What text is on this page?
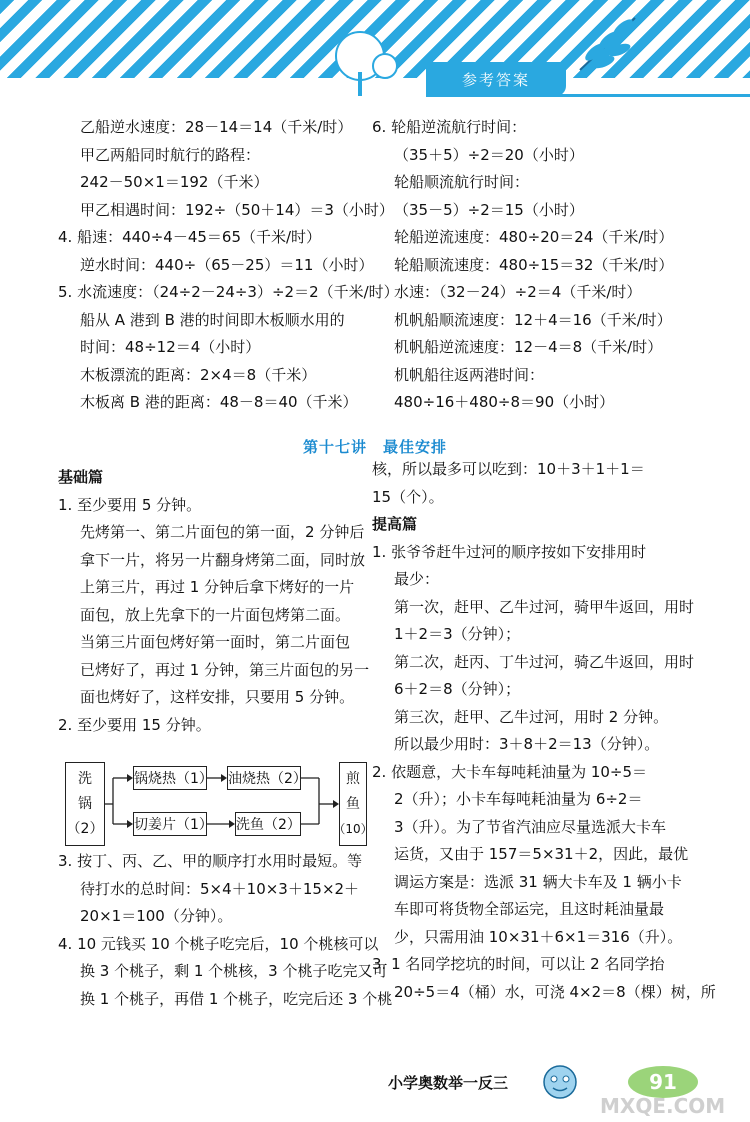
参考答案

乙船逆水速度：28－14＝14（千米/时）

甲乙两船同时航行的路程：

242－50×1＝192（千米）

甲乙相遇时间：192÷（50＋14）＝3（小时）

4. 船速：440÷4－45＝65（千米/时）

逆水时间：440÷（65－25）＝11（小时）

5. 水流速度：（24÷2－24÷3）÷2＝2（千米/时）

船从 A 港到 B 港的时间即木板顺水用的

时间：48÷12＝4（小时）

木板漂流的距离：2×4＝8（千米）

木板离 B 港的距离：48－8＝40（千米）

6. 轮船逆流航行时间：

（35＋5）÷2＝20（小时）

轮船顺流航行时间：

（35－5）÷2＝15（小时）

轮船逆流速度：480÷20＝24（千米/时）

轮船顺流速度：480÷15＝32（千米/时）

水速：（32－24）÷2＝4（千米/时）

机帆船顺流速度：12＋4＝16（千米/时）

机帆船逆流速度：12－4＝8（千米/时）

机帆船往返两港时间：

480÷16＋480÷8＝90（小时）

第十七讲　最佳安排

基础篇

1. 至少要用 5 分钟。

先烤第一、第二片面包的第一面，2 分钟后

拿下一片，将另一片翻身烤第二面，同时放

上第三片，再过 1 分钟后拿下烤好的一片

面包，放上先拿下的一片面包烤第二面。

当第三片面包烤好第一面时，第二片面包

已烤好了，再过 1 分钟，第三片面包的另一

面也烤好了，这样安排，只要用 5 分钟。

2. 至少要用 15 分钟。

洗
锅
（2）
锅烧热（1） 油烧热（2）
切姜片（1） 洗鱼（2）
煎
鱼
（10）

3. 按丁、丙、乙、甲的顺序打水用时最短。等

待打水的总时间：5×4＋10×3＋15×2＋

20×1＝100（分钟）。

4. 10 元钱买 10 个桃子吃完后，10 个桃核可以

换 3 个桃子，剩 1 个桃核，3 个桃子吃完又可

换 1 个桃子，再借 1 个桃子，吃完后还 3 个桃

核，所以最多可以吃到：10＋3＋1＋1＝

15（个）。

提高篇

1. 张爷爷赶牛过河的顺序按如下安排用时

最少：

第一次，赶甲、乙牛过河，骑甲牛返回，用时

1＋2＝3（分钟）；

第二次，赶丙、丁牛过河，骑乙牛返回，用时

6＋2＝8（分钟）；

第三次，赶甲、乙牛过河，用时 2 分钟。

所以最少用时：3＋8＋2＝13（分钟）。

2. 依题意，大卡车每吨耗油量为 10÷5＝

2（升）；小卡车每吨耗油量为 6÷2＝

3（升）。为了节省汽油应尽量选派大卡车

运货，又由于 157＝5×31＋2，因此，最优

调运方案是：选派 31 辆大卡车及 1 辆小卡

车即可将货物全部运完，且这时耗油量最

少，只需用油 10×31＋6×1＝316（升）。

3. 1 名同学挖坑的时间，可以让 2 名同学抬

20÷5＝4（桶）水，可浇 4×2＝8（棵）树，所

小学奥数举一反三	91
MXQE.COM
